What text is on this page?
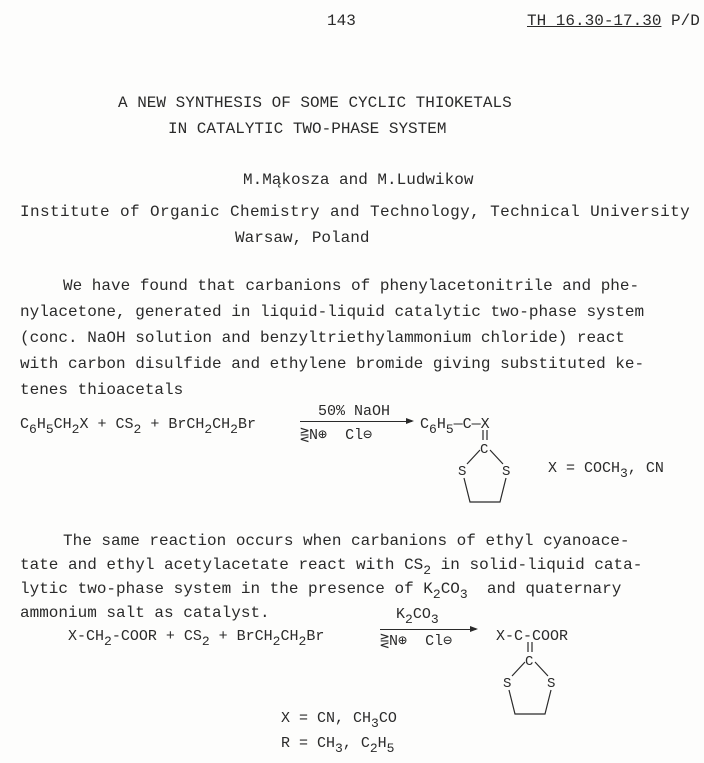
143	TH 16.30-17.30 P/D
A NEW SYNTHESIS OF SOME CYCLIC THIOKETALS
IN CATALYTIC TWO-PHASE SYSTEM
M.Mąkosza and M.Ludwikow
Institute of Organic Chemistry and Technology, Technical University
Warsaw, Poland
We have found that carbanions of phenylacetonitrile and phe-
nylacetone, generated in liquid-liquid catalytic two-phase system
(conc. NaOH solution and benzyltriethylammonium chloride) react
with carbon disulfide and ethylene bromide giving substituted ke-
tenes thioacetals
$C_6H_5CH_2X + CS_2$ + $BrCH_2CH_2Br$
50% NaOH
⋛N⊕  Cl⊖
$C_6H_5—C—X$
C
S	S	$X = COCH_3$, CN
The same reaction occurs when carbanions of ethyl cyanoace-
tate and ethyl acetylacetate react with $CS_2$ in solid-liquid cata-
lytic two-phase system in the presence of $K_2CO_3$  and quaternary
ammonium salt as catalyst.
$X-CH_2$-COOR + $CS_2$ + $BrCH_2CH_2Br$
$K_2CO_3$
⋛N⊕  Cl⊖	X-C-COOR
C
S	S
X = CN, $CH_3CO$
$R = CH_3$, $C_2H_5$
